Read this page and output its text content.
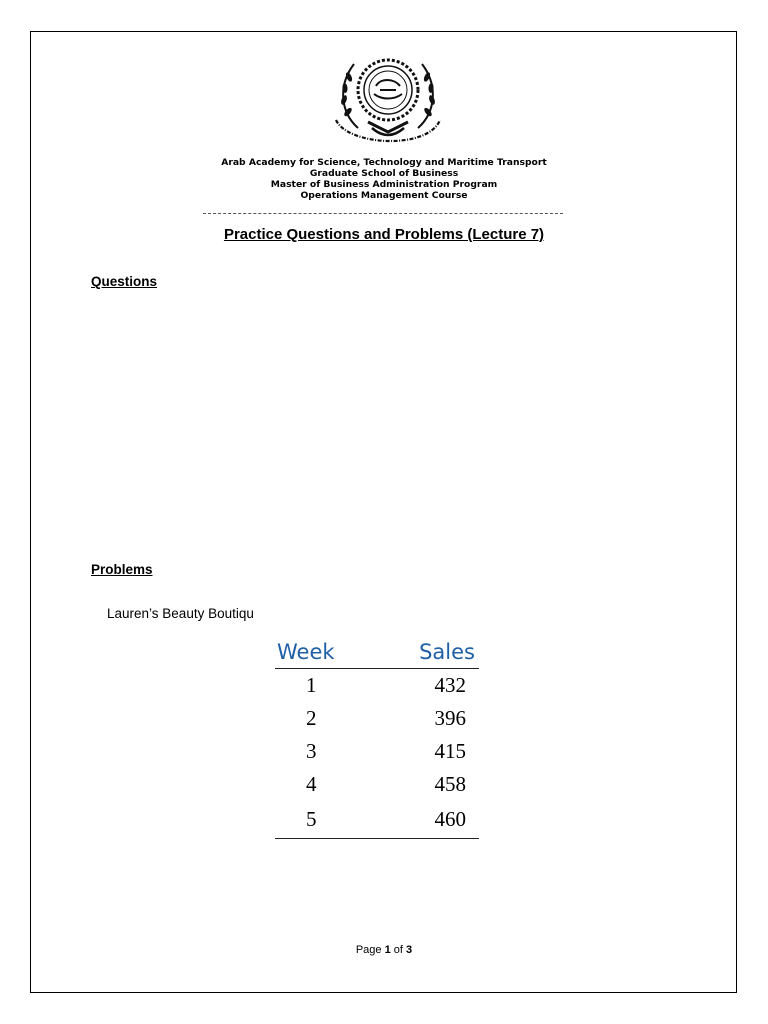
Arab Academy for Science, Technology and Maritime Transport
Graduate School of Business
Master of Business Administration Program
Operations Management Course
Practice Questions and Problems (Lecture 7)
Questions
Problems
Lauren’s Beauty Boutiqu
Week	Sales
1	432
2	396
3	415
4	458
5	460
Page 1 of 3
